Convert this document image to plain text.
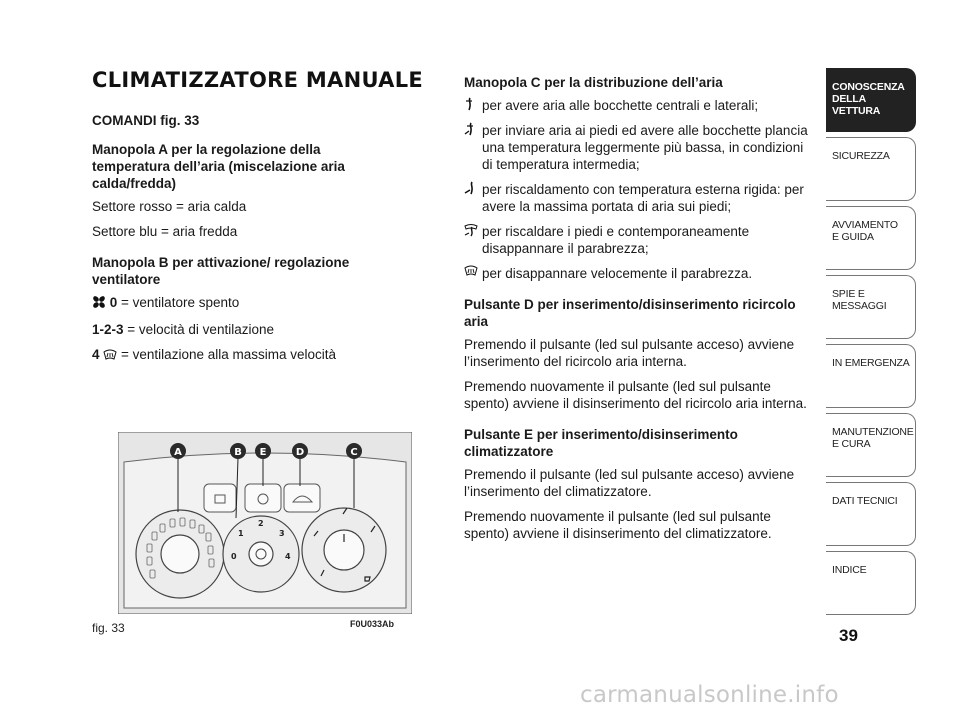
CLIMATIZZATORE MANUALE

COMANDI fig. 33

Manopola A per la regolazione della temperatura dell’aria (miscelazione aria calda/fredda)

Settore rosso = aria calda

Settore blu = aria fredda

Manopola B per attivazione/ regolazione ventilatore

0 = ventilatore spento

1-2-3 = velocità di ventilazione

4  = ventilazione alla massima velocità

Manopola C per la distribuzione dell’aria

per avere aria alle bocchette centrali e laterali;
per inviare aria ai piedi ed avere alle bocchette plancia una temperatura leggermente più bassa, in condizioni di temperatura intermedia;
per riscaldamento con temperatura esterna rigida: per avere la massima portata di aria sui piedi;
per riscaldare i piedi e contemporaneamente disappannare il parabrezza;
per disappannare velocemente il parabrezza.

Pulsante D per inserimento/disinserimento ricircolo aria

Premendo il pulsante (led sul pulsante acceso) avviene l’inserimento del ricircolo aria interna.

Premendo nuovamente il pulsante (led sul pulsante spento) avviene il disinserimento del ricircolo aria interna.

Pulsante E per inserimento/disinserimento climatizzatore

Premendo il pulsante (led sul pulsante acceso) avviene l’inserimento del climatizzatore.

Premendo nuovamente il pulsante (led sul pulsante spento) avviene il disinserimento del climatizzatore.

0
1
2
3
4
A	B E	D	C
fig. 33	F0U033Ab
CONOSCENZA
DELLA
VETTURA
SICUREZZA
AVVIAMENTO
E GUIDA
SPIE E
MESSAGGI
IN EMERGENZA
MANUTENZIONE
E CURA
DATI TECNICI
INDICE
39
carmanualsonline.info
